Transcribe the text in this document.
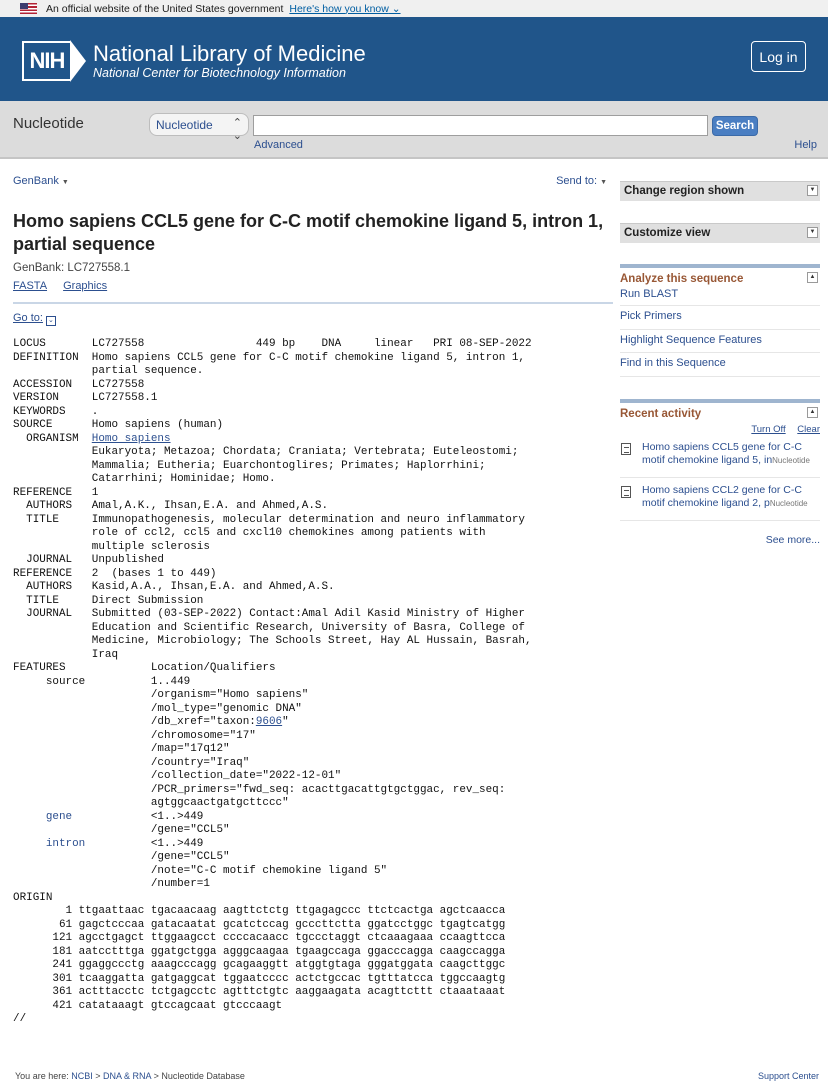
An official website of the United States government Here's how you know ⌄
NIH National Library of Medicine
National Center for Biotechnology Information
Log in
Nucleotide	Nucleotide ⌃
⌄
Search
Advanced	Help
GenBank ▼	Send to: ▼
Homo sapiens CCL5 gene for C-C motif chemokine ligand 5, intron 1, partial sequence
GenBank: LC727558.1
FASTA Graphics
Go to: ⌄
LOCUS       LC727558                 449 bp    DNA     linear   PRI 08-SEP-2022
DEFINITION  Homo sapiens CCL5 gene for C-C motif chemokine ligand 5, intron 1,
partial sequence.
ACCESSION   LC727558
VERSION     LC727558.1
KEYWORDS    .
SOURCE      Homo sapiens (human)
ORGANISM  Homo sapiens
Eukaryota; Metazoa; Chordata; Craniata; Vertebrata; Euteleostomi;
Mammalia; Eutheria; Euarchontoglires; Primates; Haplorrhini;
Catarrhini; Hominidae; Homo.
REFERENCE   1
AUTHORS   Amal,A.K., Ihsan,E.A. and Ahmed,A.S.
TITLE     Immunopathogenesis, molecular determination and neuro inflammatory
role of ccl2, ccl5 and cxcl10 chemokines among patients with
multiple sclerosis
JOURNAL   Unpublished
REFERENCE   2  (bases 1 to 449)
AUTHORS   Kasid,A.A., Ihsan,E.A. and Ahmed,A.S.
TITLE     Direct Submission
JOURNAL   Submitted (03-SEP-2022) Contact:Amal Adil Kasid Ministry of Higher
Education and Scientific Research, University of Basra, College of
Medicine, Microbiology; The Schools Street, Hay AL Hussain, Basrah,
Iraq
FEATURES             Location/Qualifiers
source          1..449
/organism="Homo sapiens"
/mol_type="genomic DNA"
/db_xref="taxon:9606"
/chromosome="17"
/map="17q12"
/country="Iraq"
/collection_date="2022-12-01"
/PCR_primers="fwd_seq: acacttgacattgtgctggac, rev_seq:
agtggcaactgatgcttccc"
gene            <1..>449
/gene="CCL5"
intron          <1..>449
/gene="CCL5"
/note="C-C motif chemokine ligand 5"
/number=1
ORIGIN
1 ttgaattaac tgacaacaag aagttctctg ttgagagccc ttctcactga agctcaacca
61 gagctcccaa gatacaatat gcatctccag gcccttctta ggatcctggc tgagtcatgg
121 agcctgagct ttggaagcct ccccacaacc tgccctaggt ctcaaagaaa ccaagttcca
181 aatcctttga ggatgctgga agggcaagaa tgaagccaga ggacccagga caagccagga
241 ggaggccctg aaagcccagg gcagaaggtt atggtgtaga gggatggata caagcttggc
301 tcaaggatta gatgaggcat tggaatcccc actctgccac tgtttatcca tggccaagtg
361 actttacctc tctgagcctc agtttctgtc aaggaagata acagttcttt ctaaataaat
421 catataaagt gtccagcaat gtcccaagt
//
Change region shown	▼
Customize view	▼
Analyze this sequence	▲
Run BLAST
Pick Primers
Highlight Sequence Features
Find in this Sequence
Recent activity	▲
Turn Off Clear
Homo sapiens CCL5 gene for C-C
motif chemokine ligand 5, inNucleotide
Homo sapiens CCL2 gene for C-C
motif chemokine ligand 2, pNucleotide
See more...
You are here: NCBI > DNA & RNA > Nucleotide Database	Support Center
